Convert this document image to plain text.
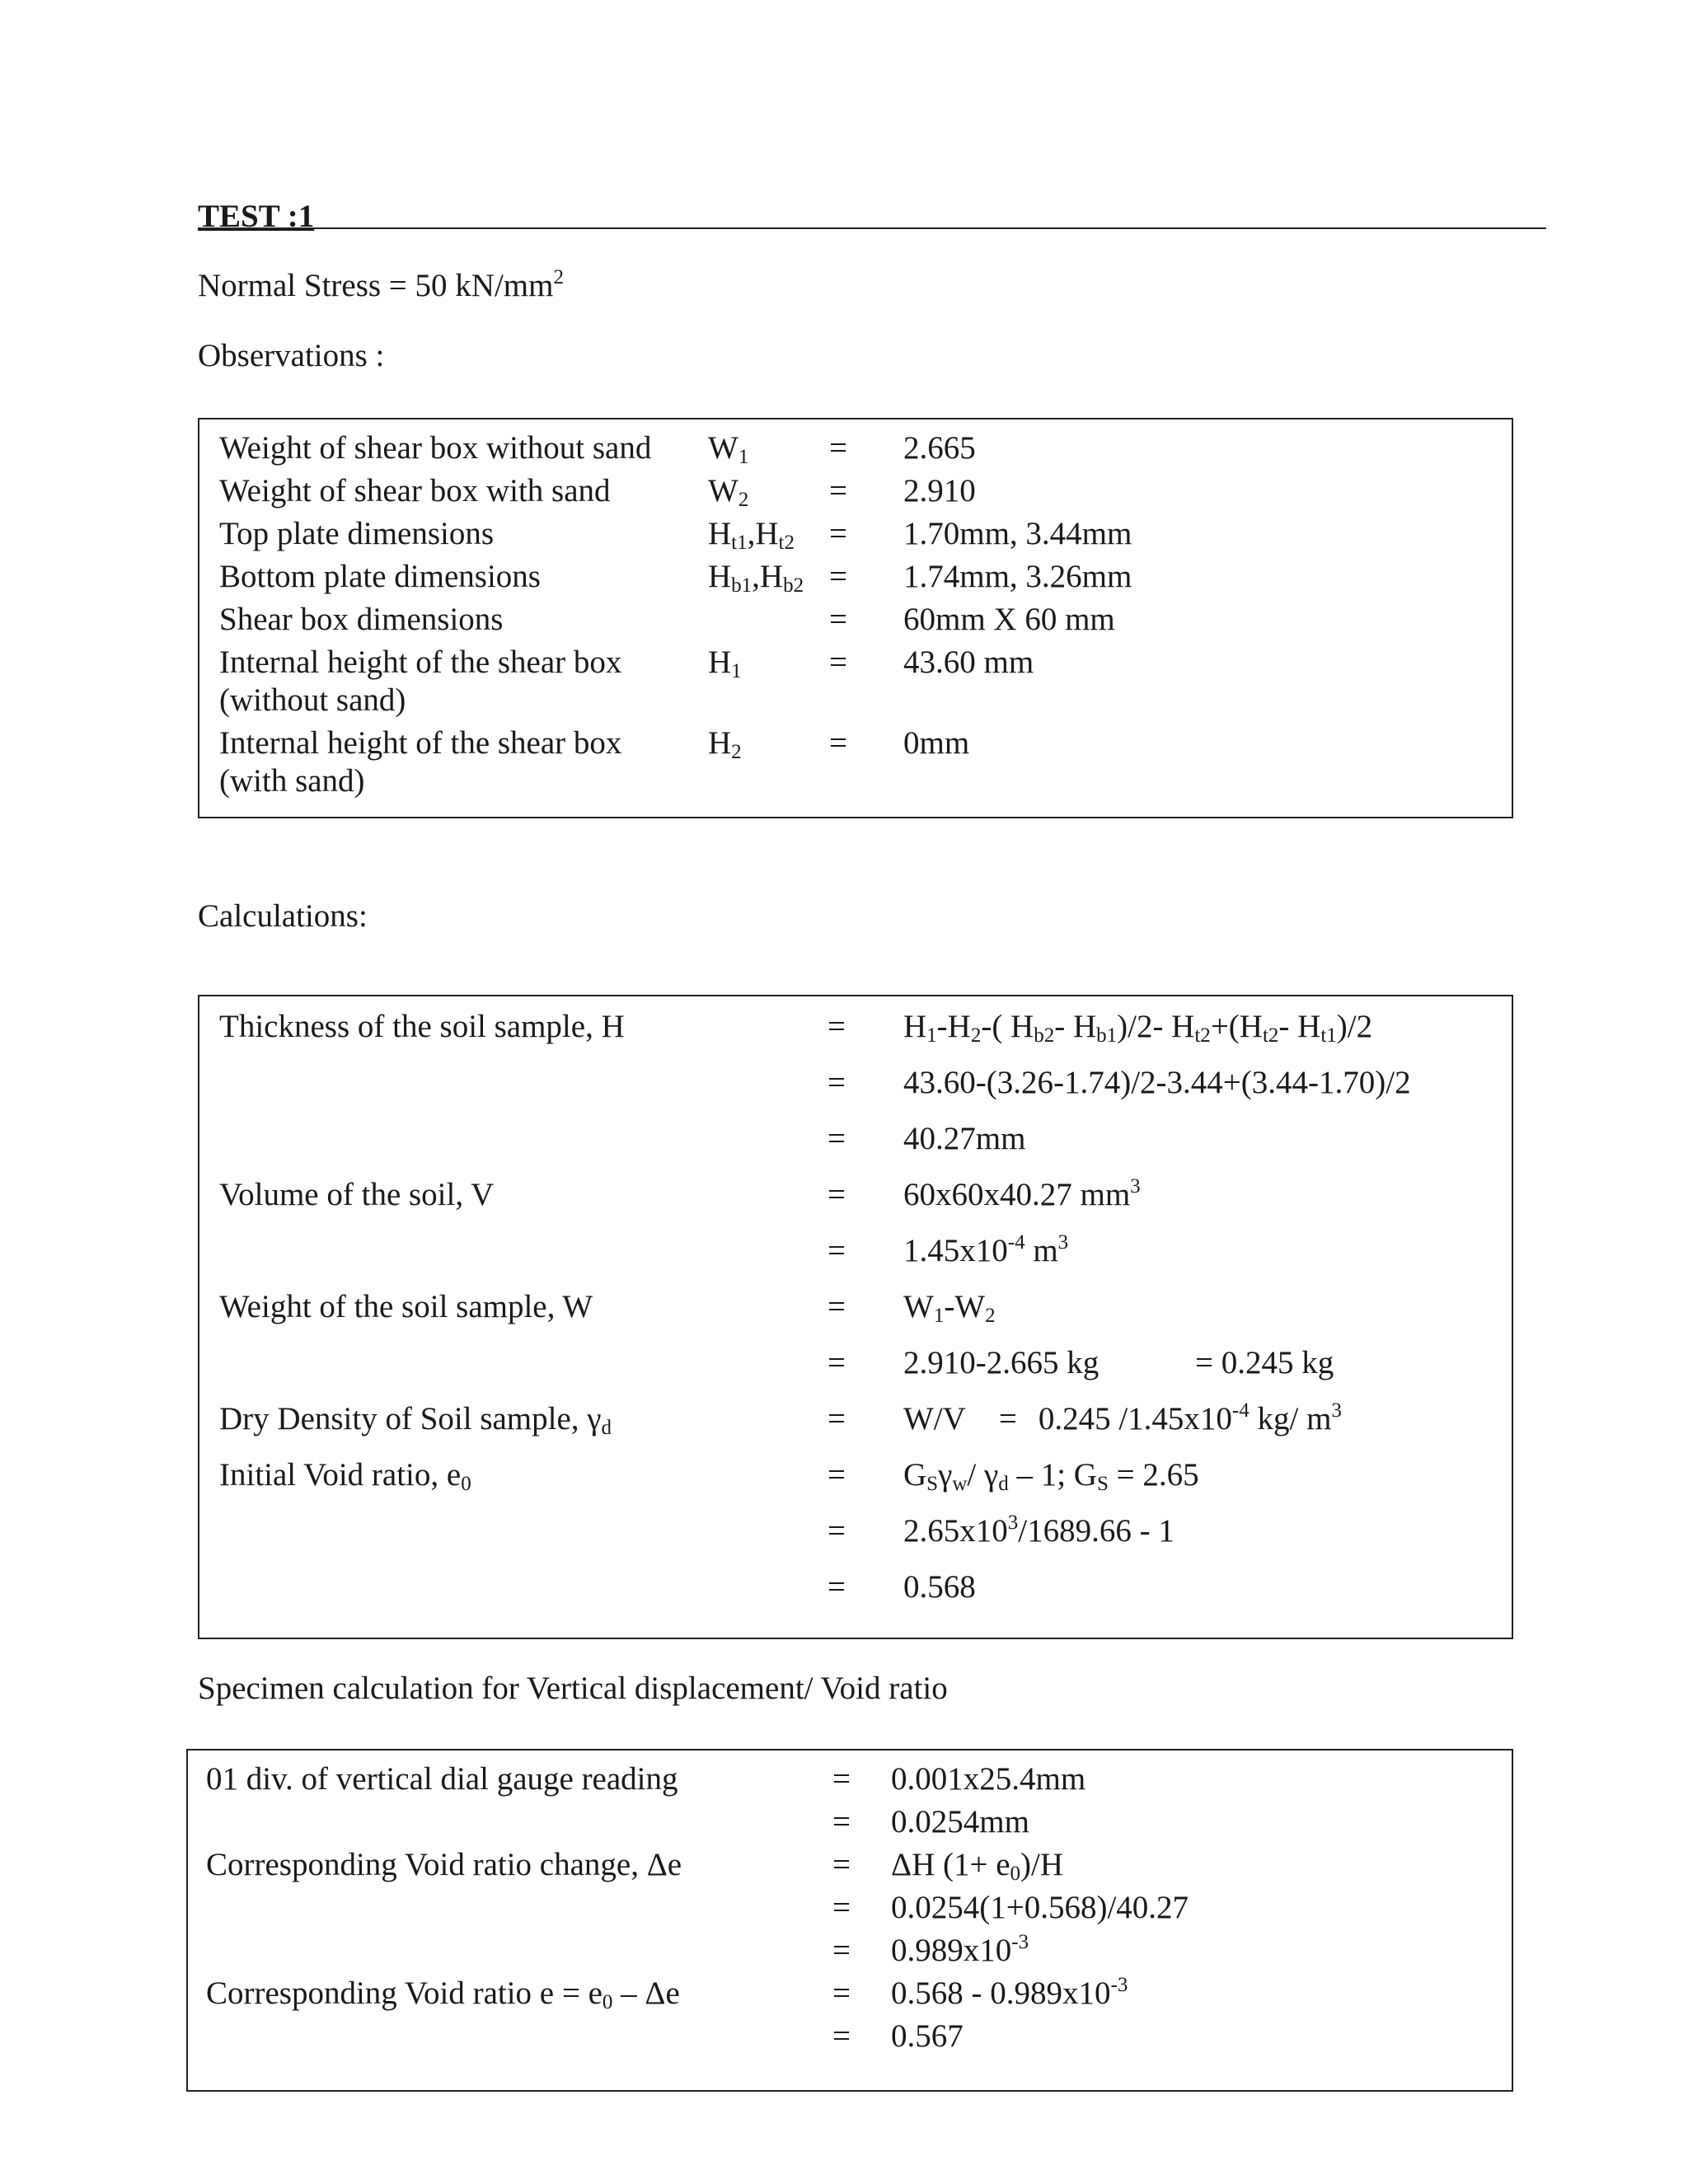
TEST :1
Normal Stress = 50 $kN/mm^2$
Observations :
Weight of shear box without sand $W_1$	= 2.665
Weight of shear box with sand	$W_2$	= 2.910
Top plate dimensions	$H_{t1},H_{t2} = 1.70mm$, 3.44mm
Bottom plate dimensions	$H_{b1},H_{b2} = 1.74mm$, 3.26mm
Shear box dimensions	= 60mm X 60 mm
Internal height of the shear box
(without sand)
$H_1$	= 43.60 mm
Internal height of the shear box
(with sand)
$H_2$	= 0mm
Calculations:
Thickness of the soil sample, H	= $H_1-H_2-$( $H_{b2}-$ $H_{b1})/2-$ $H_{t2}+(H_{t2}-$ $H_{t1})/2$
= 43.60-(3.26-1.74)/2-3.44+(3.44-1.70)/2
= 40.27mm
Volume of the soil, V	= 60x60x40.27 $mm^3$
= $1.45x10^{-4}$ $m^3$
Weight of the soil sample, W	= $W_1-W_2$
= 2.910-2.665 kg	= 0.245 kg
Dry Density of Soil sample, $\gamma_d$	= W/V = 0.245 $/1.45x10^{-4}$ kg/ $m^3$
Initial Void ratio, $e_0$	= $G_S\gamma_w/$ $\gamma_d - 1$; $G_S = 2.65$
= $2.65x10^3/1689.66 - 1$
= 0.568
Specimen calculation for Vertical displacement/ Void ratio
01 div. of vertical dial gauge reading	= 0.001x25.4mm
= 0.0254mm
Corresponding Void ratio change, Δe	= ΔH $(1+ e_0)/H$
= 0.0254(1+0.568)/40.27
= $0.989x10^{-3}$
Corresponding Void ratio $e = e_0 - \Delta e$	= $0.568 - 0.989x10^{-3}$
= 0.567
